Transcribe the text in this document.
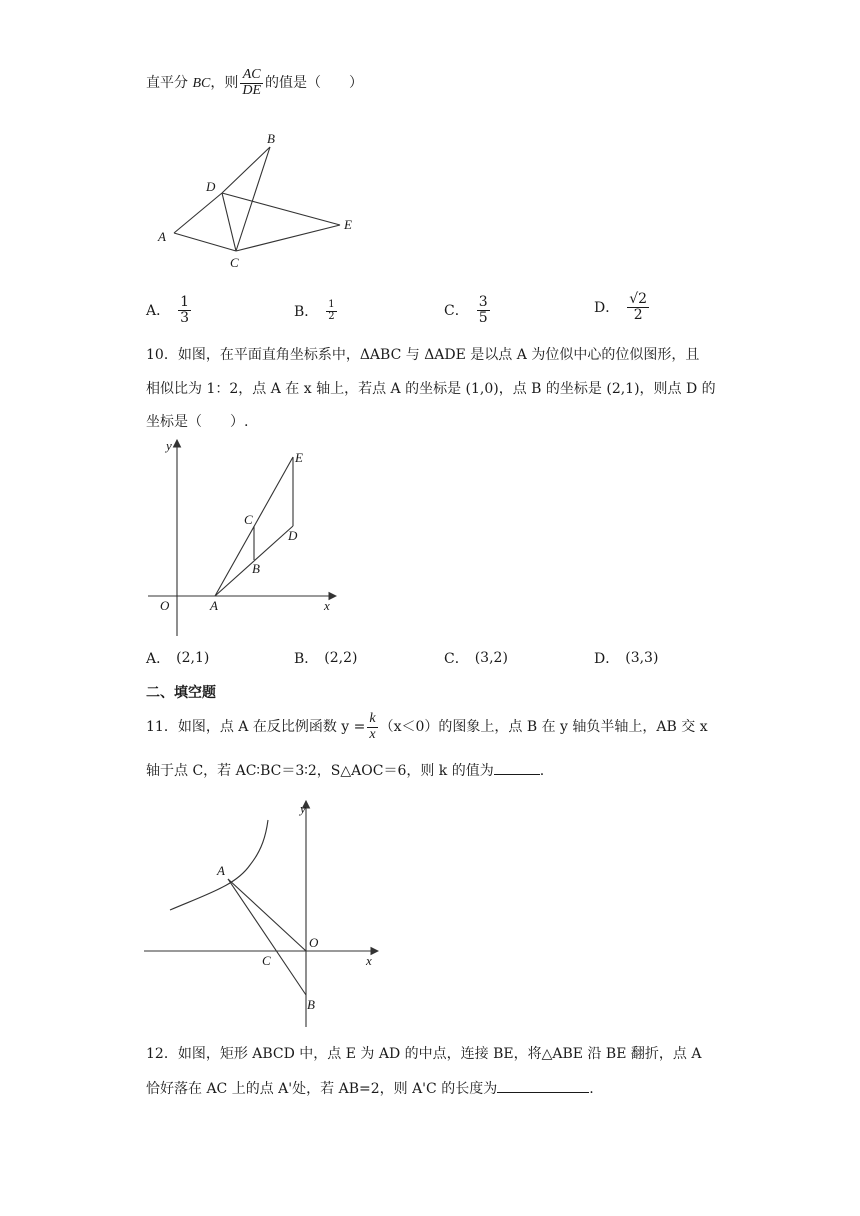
直平分 BC，则 $\frac{AC}{DE}$ 的值是（　　）
B
D
A
C
E
A． $\frac{1}{3}$	B． $\frac{1}{2}$	C． $\frac{3}{5}$	D． $\frac{√2}{2}$
10．如图，在平面直角坐标系中，ΔABC 与 ΔADE 是以点 A 为位似中心的位似图形，且
相似比为 1：2，点 A 在 x 轴上，若点 A 的坐标是 (1,0)，点 B 的坐标是 (2,1)，则点 D 的
坐标是（　　）.
y
x
O	A
B
C
D
E
A． (2,1)	B． (2,2)	C． (3,2)	D． (3,3)
二、填空题
11．如图，点 A 在反比例函数 $y = \frac{k}{x} (x<0)$的图象上，点 B 在 y 轴负半轴上，AB 交 x
轴于点 C，若 AC∶BC＝3∶2，S△AOC＝6，则 k 的值为	.
y
x
O
A
C
B
12．如图，矩形 ABCD 中，点 E 为 AD 的中点，连接 BE，将△ABE 沿 BE 翻折，点 A
恰好落在 AC 上的点 A'处，若 AB=2，则 A'C 的长度为	.
